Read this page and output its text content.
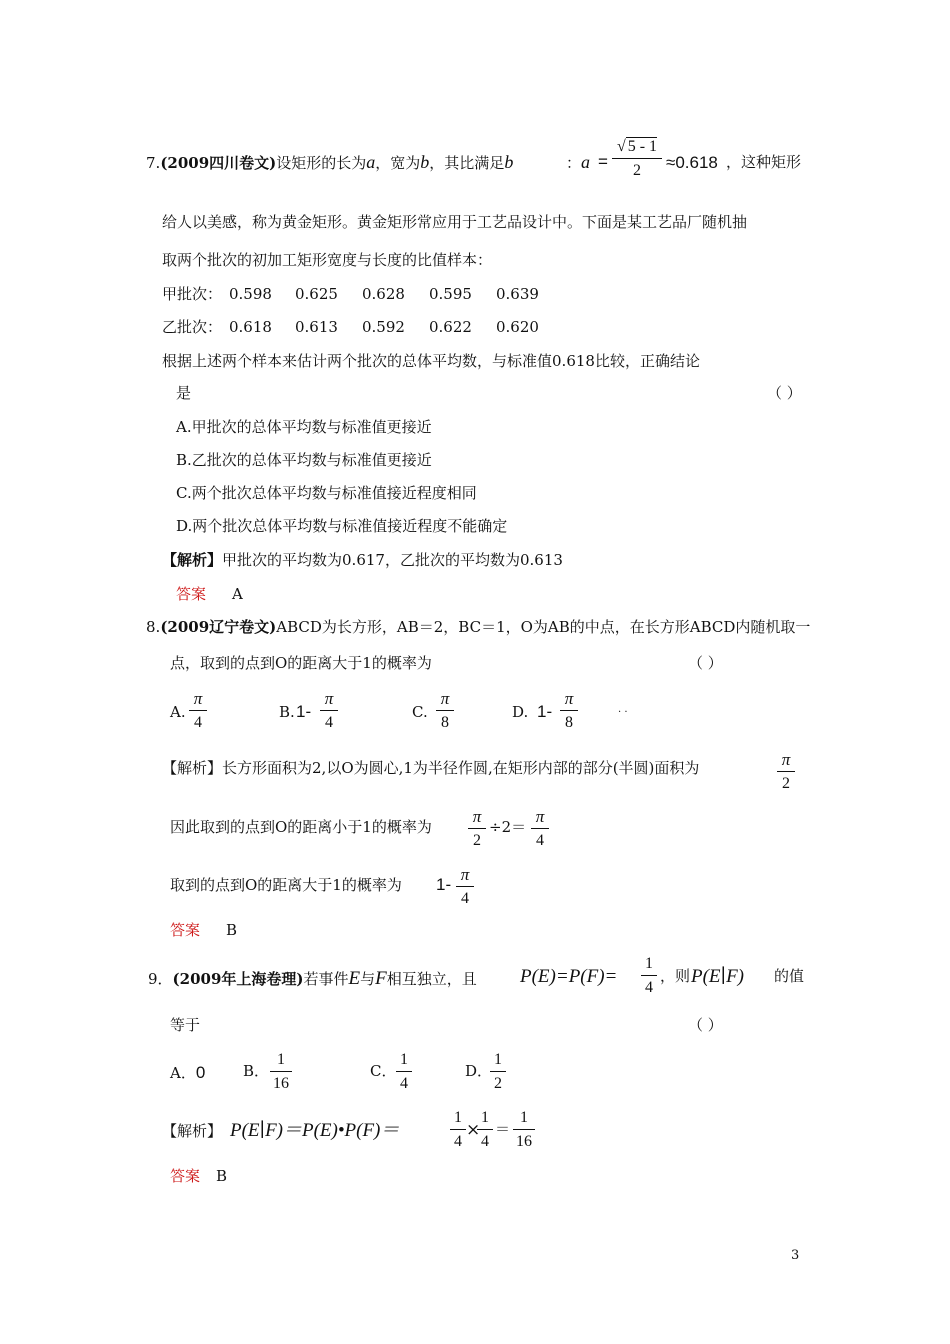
7.(2009四川卷文)设矩形的长为a，宽为b，其比满足b	：$a = \frac{√ 5 - 1}{2} \approx 0.618$ ，这种矩形
给人以美感，称为黄金矩形。黄金矩形常应用于工艺品设计中。下面是某工艺品厂随机抽
取两个批次的初加工矩形宽度与长度的比值样本：
甲批次： 0.598 0.625 0.628 0.595 0.639
乙批次： 0.618 0.613 0.592 0.622 0.620
根据上述两个样本来估计两个批次的总体平均数，与标准值0.618比较，正确结论
是	（ ）
A.甲批次的总体平均数与标准值更接近
B.乙批次的总体平均数与标准值更接近
C.两个批次总体平均数与标准值接近程度相同
D.两个批次总体平均数与标准值接近程度不能确定
【解析】甲批次的平均数为0.617，乙批次的平均数为0.613
答案 A
8.(2009辽宁卷文)ABCD为长方形，AB＝2，BC＝1，O为AB的中点，在长方形ABCD内随机取一
点，取到的点到O的距离大于1的概率为	（ ）
A. $\frac{\pi}{4}$	B. $1- \frac{\pi}{4}$	C. $\frac{\pi}{8}$	D. $1- \frac{\pi}{8}$	. .
【解析】长方形面积为2,以O为圆心,1为半径作圆,在矩形内部的部分(半圆)面积为	$\frac{\pi}{2}$
因此取到的点到O的距离小于1的概率为 $\frac{\pi}{2} \div 2= \frac{\pi}{4}$
取到的点到O的距离大于1的概率为 $1- \frac{\pi}{4}$
答案 B
9．(2009年上海卷理)若事件E与F相互独立，且 $P(E)=P(F)= \frac{1}{4}$ ，则 P(E∣F) 的值
等于	（ ）
A．0	B． $\frac{1}{16}$	C． $\frac{1}{4}$	D．
$\frac{1}{2}$
【解析】 P(E∣F)＝P(E)•P(F)＝	$\frac{1}{4}$ ×
$\frac{1}{4} = \frac{1}{16}$
答案 B
3
